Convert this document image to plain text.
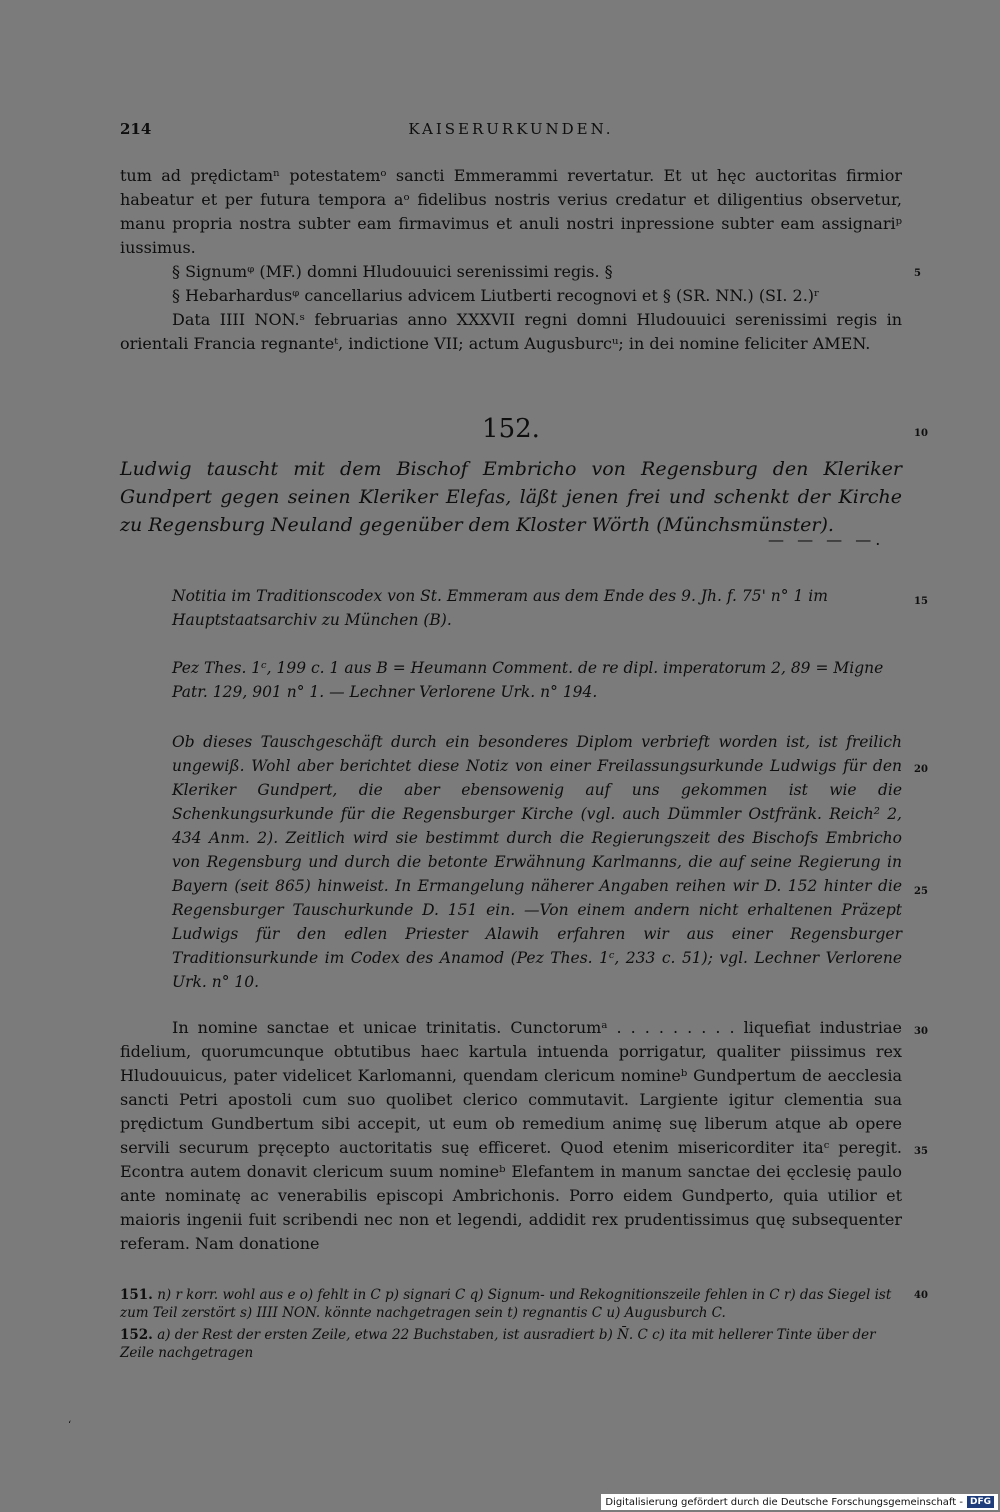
214	KAISERURKUNDEN.

tum ad prędictamⁿ potestatemᵒ sancti Emmerammi revertatur. Et ut hęc auctoritas firmior habeatur et per futura tempora aᵒ fidelibus nostris verius credatur et diligentius observetur, manu propria nostra subter eam firmavimus et anuli nostri inpressione subter eam assignariᵖ iussimus.

§ Signumᵠ (MF.) domni Hludouuici serenissimi regis. §

§ Hebarhardusᵠ cancellarius advicem Liutberti recognovi et § (SR. NN.) (SI. 2.)ʳ

Data IIII NON.ˢ februarias anno XXXVII regni domni Hludouuici serenissimi regis in orientali Francia regnanteᵗ, indictione VII; actum Augusburcᵘ; in dei nomine feliciter AMEN.

152.
Ludwig tauscht mit dem Bischof Embricho von Regensburg den Kleriker Gundpert gegen seinen Kleriker Elefas, läßt jenen frei und schenkt der Kirche zu Regensburg Neuland gegenüber dem Kloster Wörth (Münchsmünster).
— — — —.
Notitia im Traditionscodex von St. Emmeram aus dem Ende des 9. Jh. f. 75' n° 1 im Hauptstaatsarchiv zu München (B).
Pez Thes. 1ᶜ, 199 c. 1 aus B = Heumann Comment. de re dipl. imperatorum 2, 89 = Migne Patr. 129, 901 n° 1. — Lechner Verlorene Urk. n° 194.
Ob dieses Tauschgeschäft durch ein besonderes Diplom verbrieft worden ist, ist freilich ungewiß. Wohl aber berichtet diese Notiz von einer Freilassungsurkunde Ludwigs für den Kleriker Gundpert, die aber ebensowenig auf uns gekommen ist wie die Schenkungsurkunde für die Regensburger Kirche (vgl. auch Dümmler Ostfränk. Reich² 2, 434 Anm. 2). Zeitlich wird sie bestimmt durch die Regierungszeit des Bischofs Embricho von Regensburg und durch die betonte Erwähnung Karlmanns, die auf seine Regierung in Bayern (seit 865) hinweist. In Ermangelung näherer Angaben reihen wir D. 152 hinter die Regensburger Tauschurkunde D. 151 ein. —Von einem andern nicht erhaltenen Präzept Ludwigs für den edlen Priester Alawih erfahren wir aus einer Regensburger Traditionsurkunde im Codex des Anamod (Pez Thes. 1ᶜ, 233 c. 51); vgl. Lechner Verlorene Urk. n° 10.

In nomine sanctae et unicae trinitatis. Cunctorumᵃ . . . . . . . . . liquefiat industriae fidelium, quorumcunque obtutibus haec kartula intuenda porrigatur, qualiter piissimus rex Hludouuicus, pater videlicet Karlomanni, quendam clericum nomineᵇ Gundpertum de aecclesia sancti Petri apostoli cum suo quolibet clerico commutavit. Largiente igitur clementia sua prędictum Gundbertum sibi accepit, ut eum ob remedium animę suę liberum atque ab opere servili securum pręcepto auctoritatis suę efficeret. Quod etenim misericorditer itaᶜ peregit. Econtra autem donavit clericum suum nomineᵇ Elefantem in manum sanctae dei ęcclesię paulo ante nominatę ac venerabilis episcopi Ambrichonis. Porro eidem Gundperto, quia utilior et maioris ingenii fuit scribendi nec non et legendi, addidit rex prudentissimus quę subsequenter referam. Nam donatione

151. n) r korr. wohl aus e o) fehlt in C p) signari C q) Signum- und Rekognitionszeile fehlen in C r) das Siegel ist zum Teil zerstört s) IIII NON. könnte nachgetragen sein t) regnantis C u) Augusburch C.

152. a) der Rest der ersten Zeile, etwa 22 Buchstaben, ist ausradiert b) N̄. C c) ita mit hellerer Tinte über der Zeile nachgetragen

5
10
15
20
25
30
35
40
ʻ
Digitalisierung gefördert durch die Deutsche Forschungsgemeinschaft - DFG
